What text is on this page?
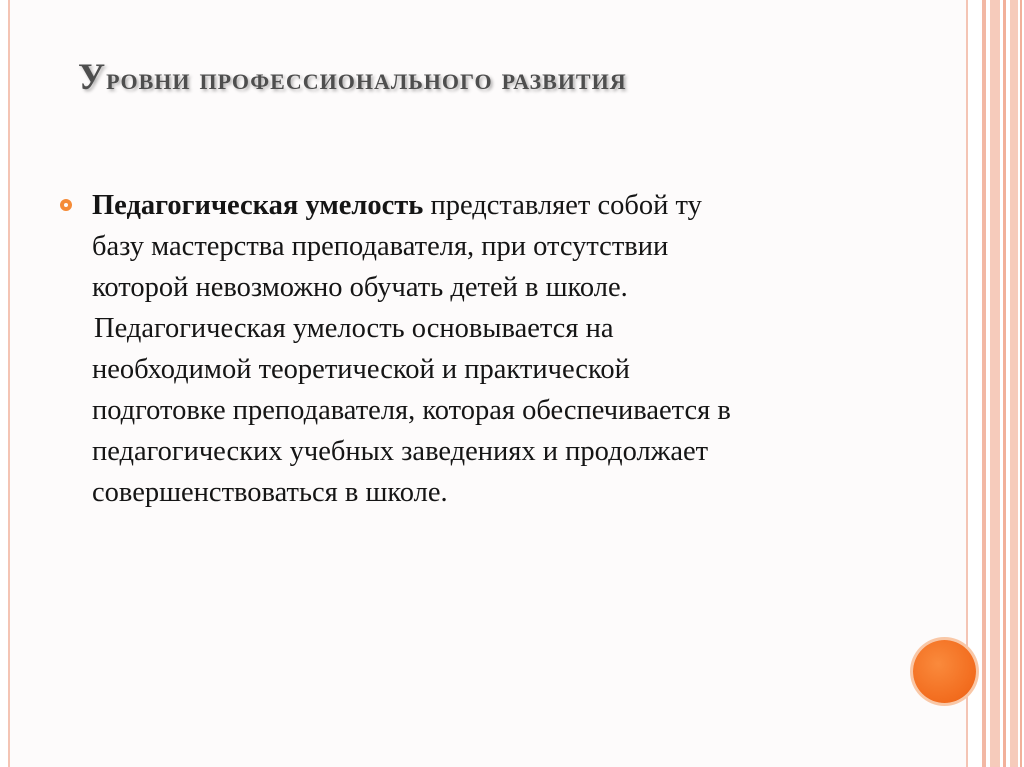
Уровни профессионального развития
Педагогическая умелость представляет собой ту
базу мастерства преподавателя, при отсутствии
которой невозможно обучать детей в школе.
Педагогическая умелость основывается на
необходимой теоретической и практической
подготовке преподавателя, которая обеспечивается в
педагогических учебных заведениях и продолжает
совершенствоваться в школе.
